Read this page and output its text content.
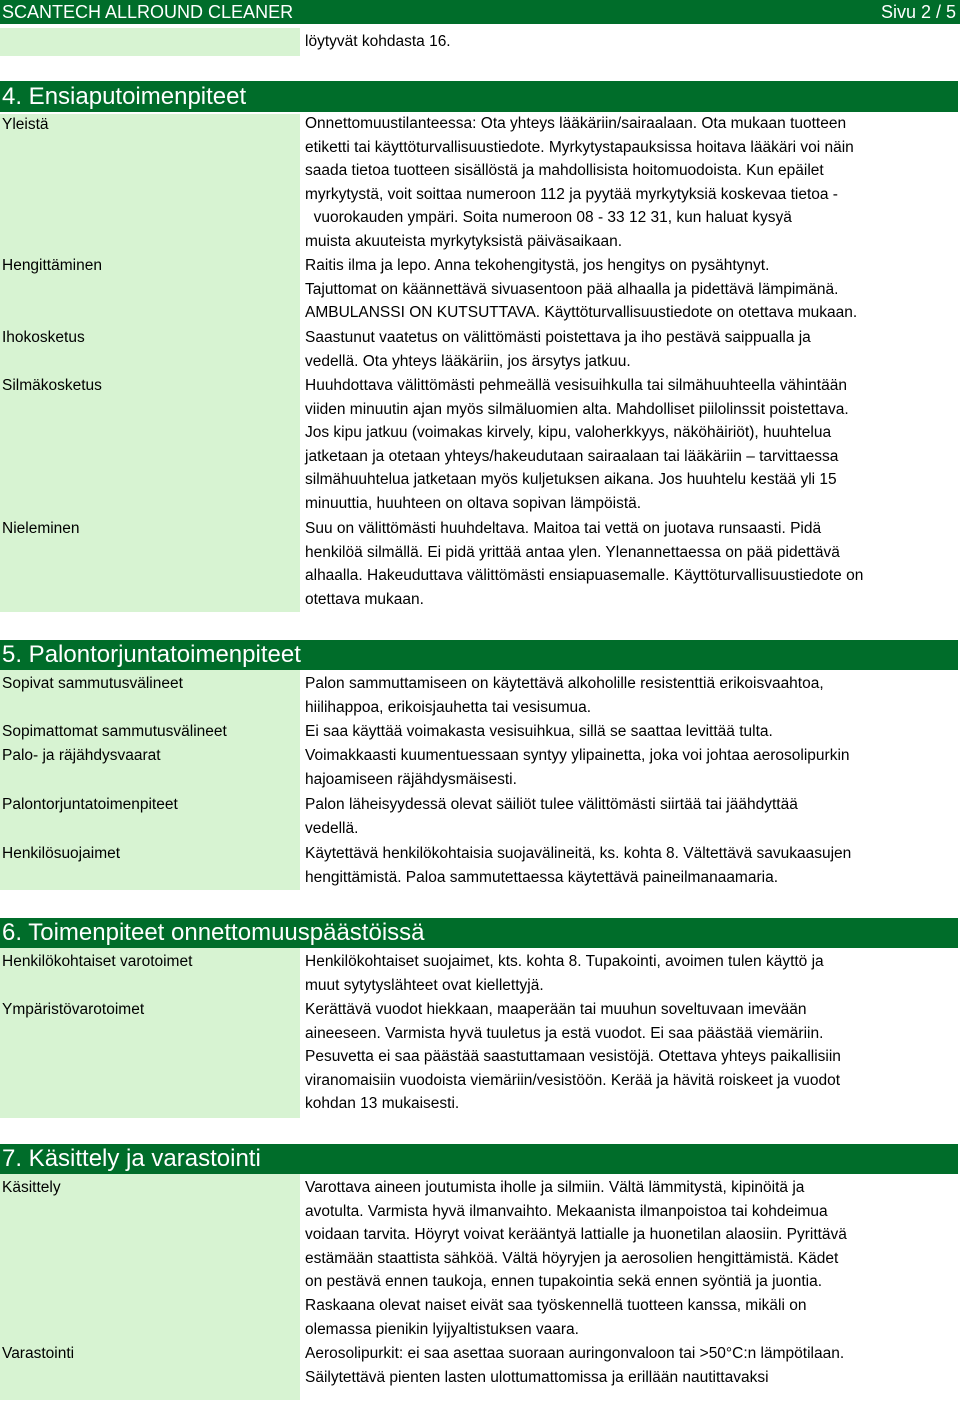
SCANTECH ALLROUND CLEANER	Sivu 2 / 5
löytyvät kohdasta 16.
4. Ensiaputoimenpiteet
Yleistä	Onnettomuustilanteessa: Ota yhteys lääkäriin/sairaalaan. Ota mukaan tuotteen
etiketti tai käyttöturvallisuustiedote. Myrkytystapauksissa hoitava lääkäri voi näin
saada tietoa tuotteen sisällöstä ja mahdollisista hoitomuodoista. Kun epäilet
myrkytystä, voit soittaa numeroon 112 ja pyytää myrkytyksiä koskevaa tietoa -
vuorokauden ympäri. Soita numeroon 08 - 33 12 31, kun haluat kysyä
muista akuuteista myrkytyksistä päiväsaikaan.
Hengittäminen	Raitis ilma ja lepo. Anna tekohengitystä, jos hengitys on pysähtynyt.
Tajuttomat on käännettävä sivuasentoon pää alhaalla ja pidettävä lämpimänä.
AMBULANSSI ON KUTSUTTAVA. Käyttöturvallisuustiedote on otettava mukaan.
Ihokosketus	Saastunut vaatetus on välittömästi poistettava ja iho pestävä saippualla ja
vedellä. Ota yhteys lääkäriin, jos ärsytys jatkuu.
Silmäkosketus	Huuhdottava välittömästi pehmeällä vesisuihkulla tai silmähuuhteella vähintään
viiden minuutin ajan myös silmäluomien alta. Mahdolliset piilolinssit poistettava.
Jos kipu jatkuu (voimakas kirvely, kipu, valoherkkyys, näköhäiriöt), huuhtelua
jatketaan ja otetaan yhteys/hakeudutaan sairaalaan tai lääkäriin – tarvittaessa
silmähuuhtelua jatketaan myös kuljetuksen aikana. Jos huuhtelu kestää yli 15
minuuttia, huuhteen on oltava sopivan lämpöistä.
Nieleminen	Suu on välittömästi huuhdeltava. Maitoa tai vettä on juotava runsaasti. Pidä
henkilöä silmällä. Ei pidä yrittää antaa ylen. Ylenannettaessa on pää pidettävä
alhaalla. Hakeuduttava välittömästi ensiapuasemalle. Käyttöturvallisuustiedote on
otettava mukaan.
5. Palontorjuntatoimenpiteet
Sopivat sammutusvälineet	Palon sammuttamiseen on käytettävä alkoholille resistenttiä erikoisvaahtoa,
hiilihappoa, erikoisjauhetta tai vesisumua.
Sopimattomat sammutusvälineet	Ei saa käyttää voimakasta vesisuihkua, sillä se saattaa levittää tulta.
Palo- ja räjähdysvaarat	Voimakkaasti kuumentuessaan syntyy ylipainetta, joka voi johtaa aerosolipurkin
hajoamiseen räjähdysmäisesti.
Palontorjuntatoimenpiteet	Palon läheisyydessä olevat säiliöt tulee välittömästi siirtää tai jäähdyttää
vedellä.
Henkilösuojaimet	Käytettävä henkilökohtaisia suojavälineitä, ks. kohta 8. Vältettävä savukaasujen
hengittämistä. Paloa sammutettaessa käytettävä paineilmanaamaria.
6. Toimenpiteet onnettomuuspäästöissä
Henkilökohtaiset varotoimet	Henkilökohtaiset suojaimet, kts. kohta 8. Tupakointi, avoimen tulen käyttö ja
muut sytytyslähteet ovat kiellettyjä.
Ympäristövarotoimet	Kerättävä vuodot hiekkaan, maaperään tai muuhun soveltuvaan imevään
aineeseen. Varmista hyvä tuuletus ja estä vuodot. Ei saa päästää viemäriin.
Pesuvetta ei saa päästää saastuttamaan vesistöjä. Otettava yhteys paikallisiin
viranomaisiin vuodoista viemäriin/vesistöön. Kerää ja hävitä roiskeet ja vuodot
kohdan 13 mukaisesti.
7. Käsittely ja varastointi
Käsittely	Varottava aineen joutumista iholle ja silmiin. Vältä lämmitystä, kipinöitä ja
avotulta. Varmista hyvä ilmanvaihto. Mekaanista ilmanpoistoa tai kohdeimua
voidaan tarvita. Höyryt voivat kerääntyä lattialle ja huonetilan alaosiin. Pyrittävä
estämään staattista sähköä. Vältä höyryjen ja aerosolien hengittämistä. Kädet
on pestävä ennen taukoja, ennen tupakointia sekä ennen syöntiä ja juontia.
Raskaana olevat naiset eivät saa työskennellä tuotteen kanssa, mikäli on
olemassa pienikin lyijyaltistuksen vaara.
Varastointi	Aerosolipurkit: ei saa asettaa suoraan auringonvaloon tai >50°C:n lämpötilaan.
Säilytettävä pienten lasten ulottumattomissa ja erillään nautittavaksi
